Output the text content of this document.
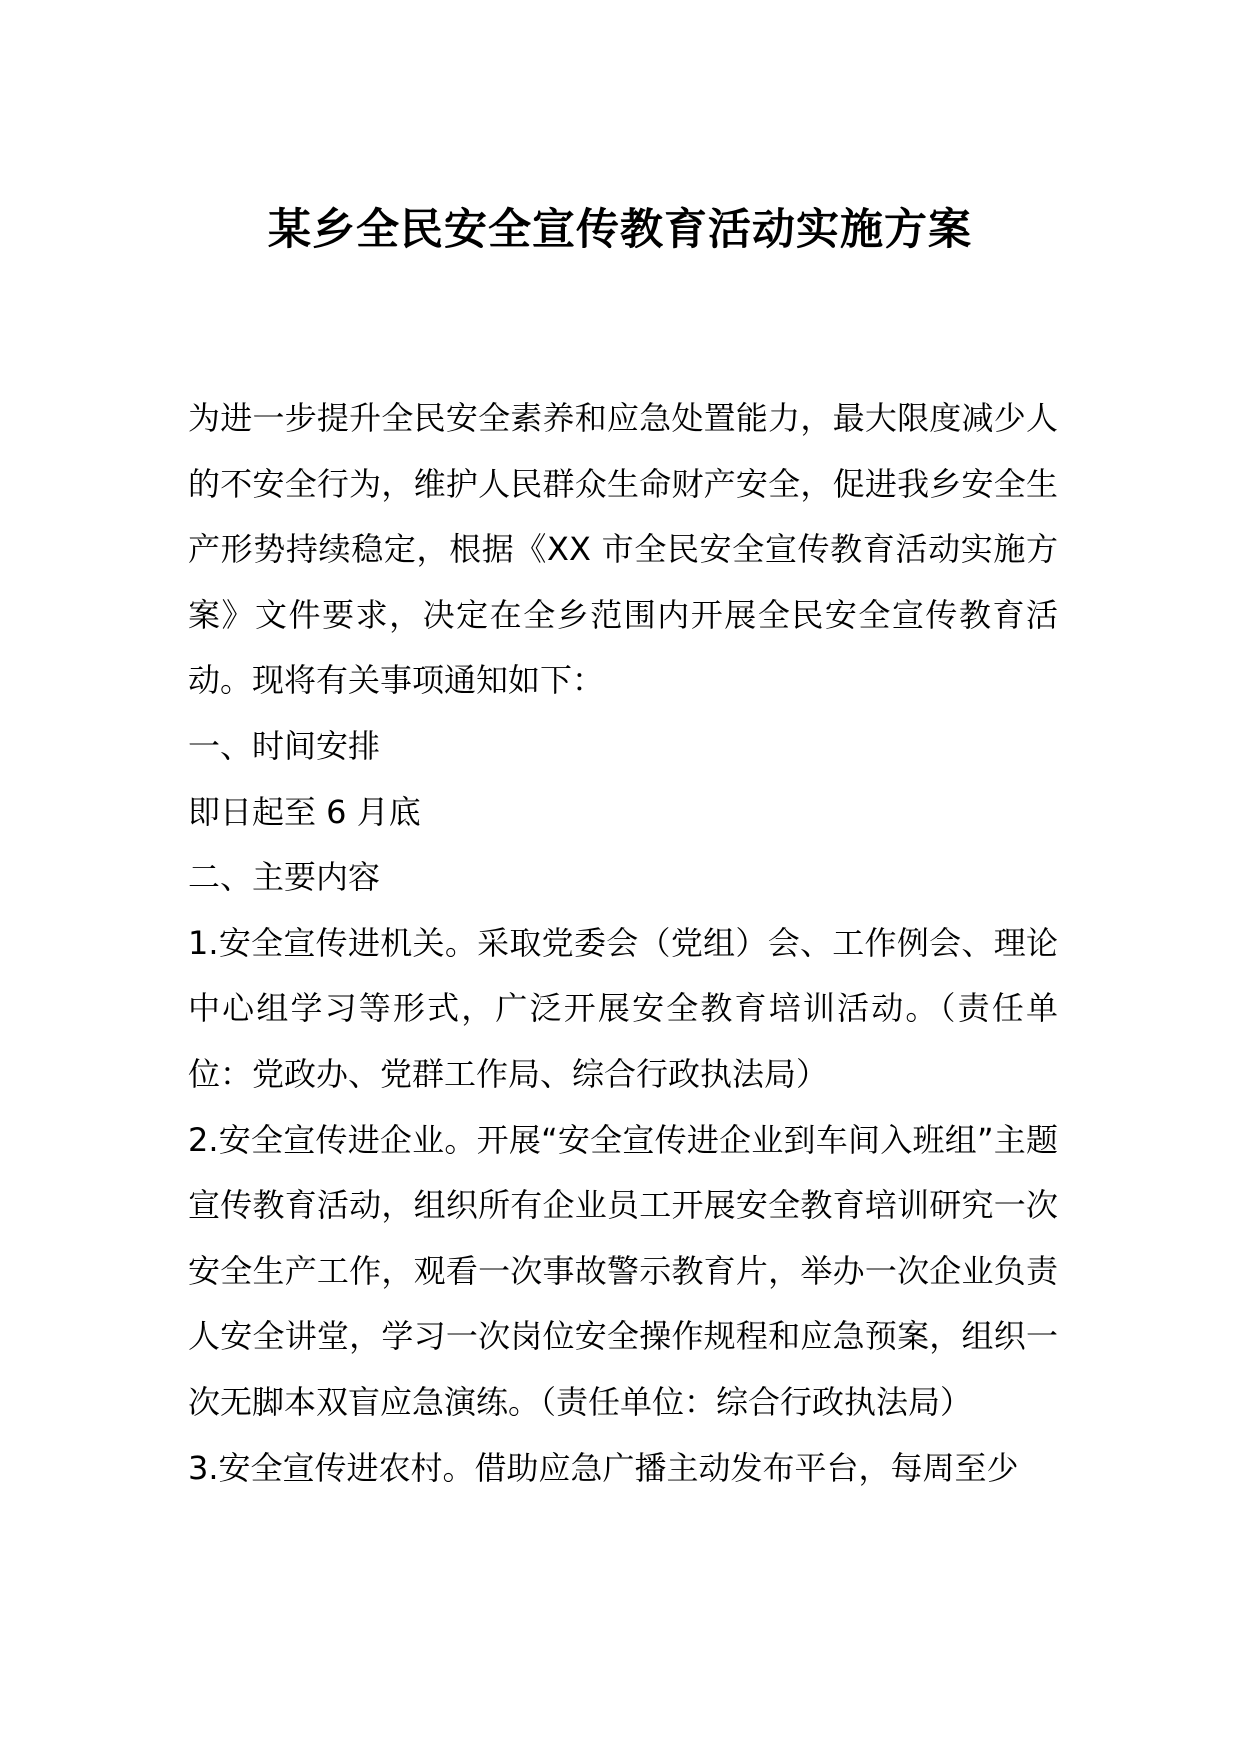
某乡全民安全宣传教育活动实施方案

为进一步提升全民安全素养和应急处置能力，最大限度减少人的不安全行为，维护人民群众生命财产安全，促进我乡安全生产形势持续稳定，根据《XX 市全民安全宣传教育活动实施方案》文件要求，决定在全乡范围内开展全民安全宣传教育活动。现将有关事项通知如下：

一、时间安排

即日起至 6 月底

二、主要内容

1.安全宣传进机关。采取党委会（党组）会、工作例会、理论中心组学习等形式，广泛开展安全教育培训活动。（责任单位：党政办、党群工作局、综合行政执法局）

2.安全宣传进企业。开展“安全宣传进企业到车间入班组”主题宣传教育活动，组织所有企业员工开展安全教育培训研究一次安全生产工作，观看一次事故警示教育片，举办一次企业负责人安全讲堂，学习一次岗位安全操作规程和应急预案，组织一次无脚本双盲应急演练。（责任单位：综合行政执法局）

3.安全宣传进农村。借助应急广播主动发布平台，每周至少
